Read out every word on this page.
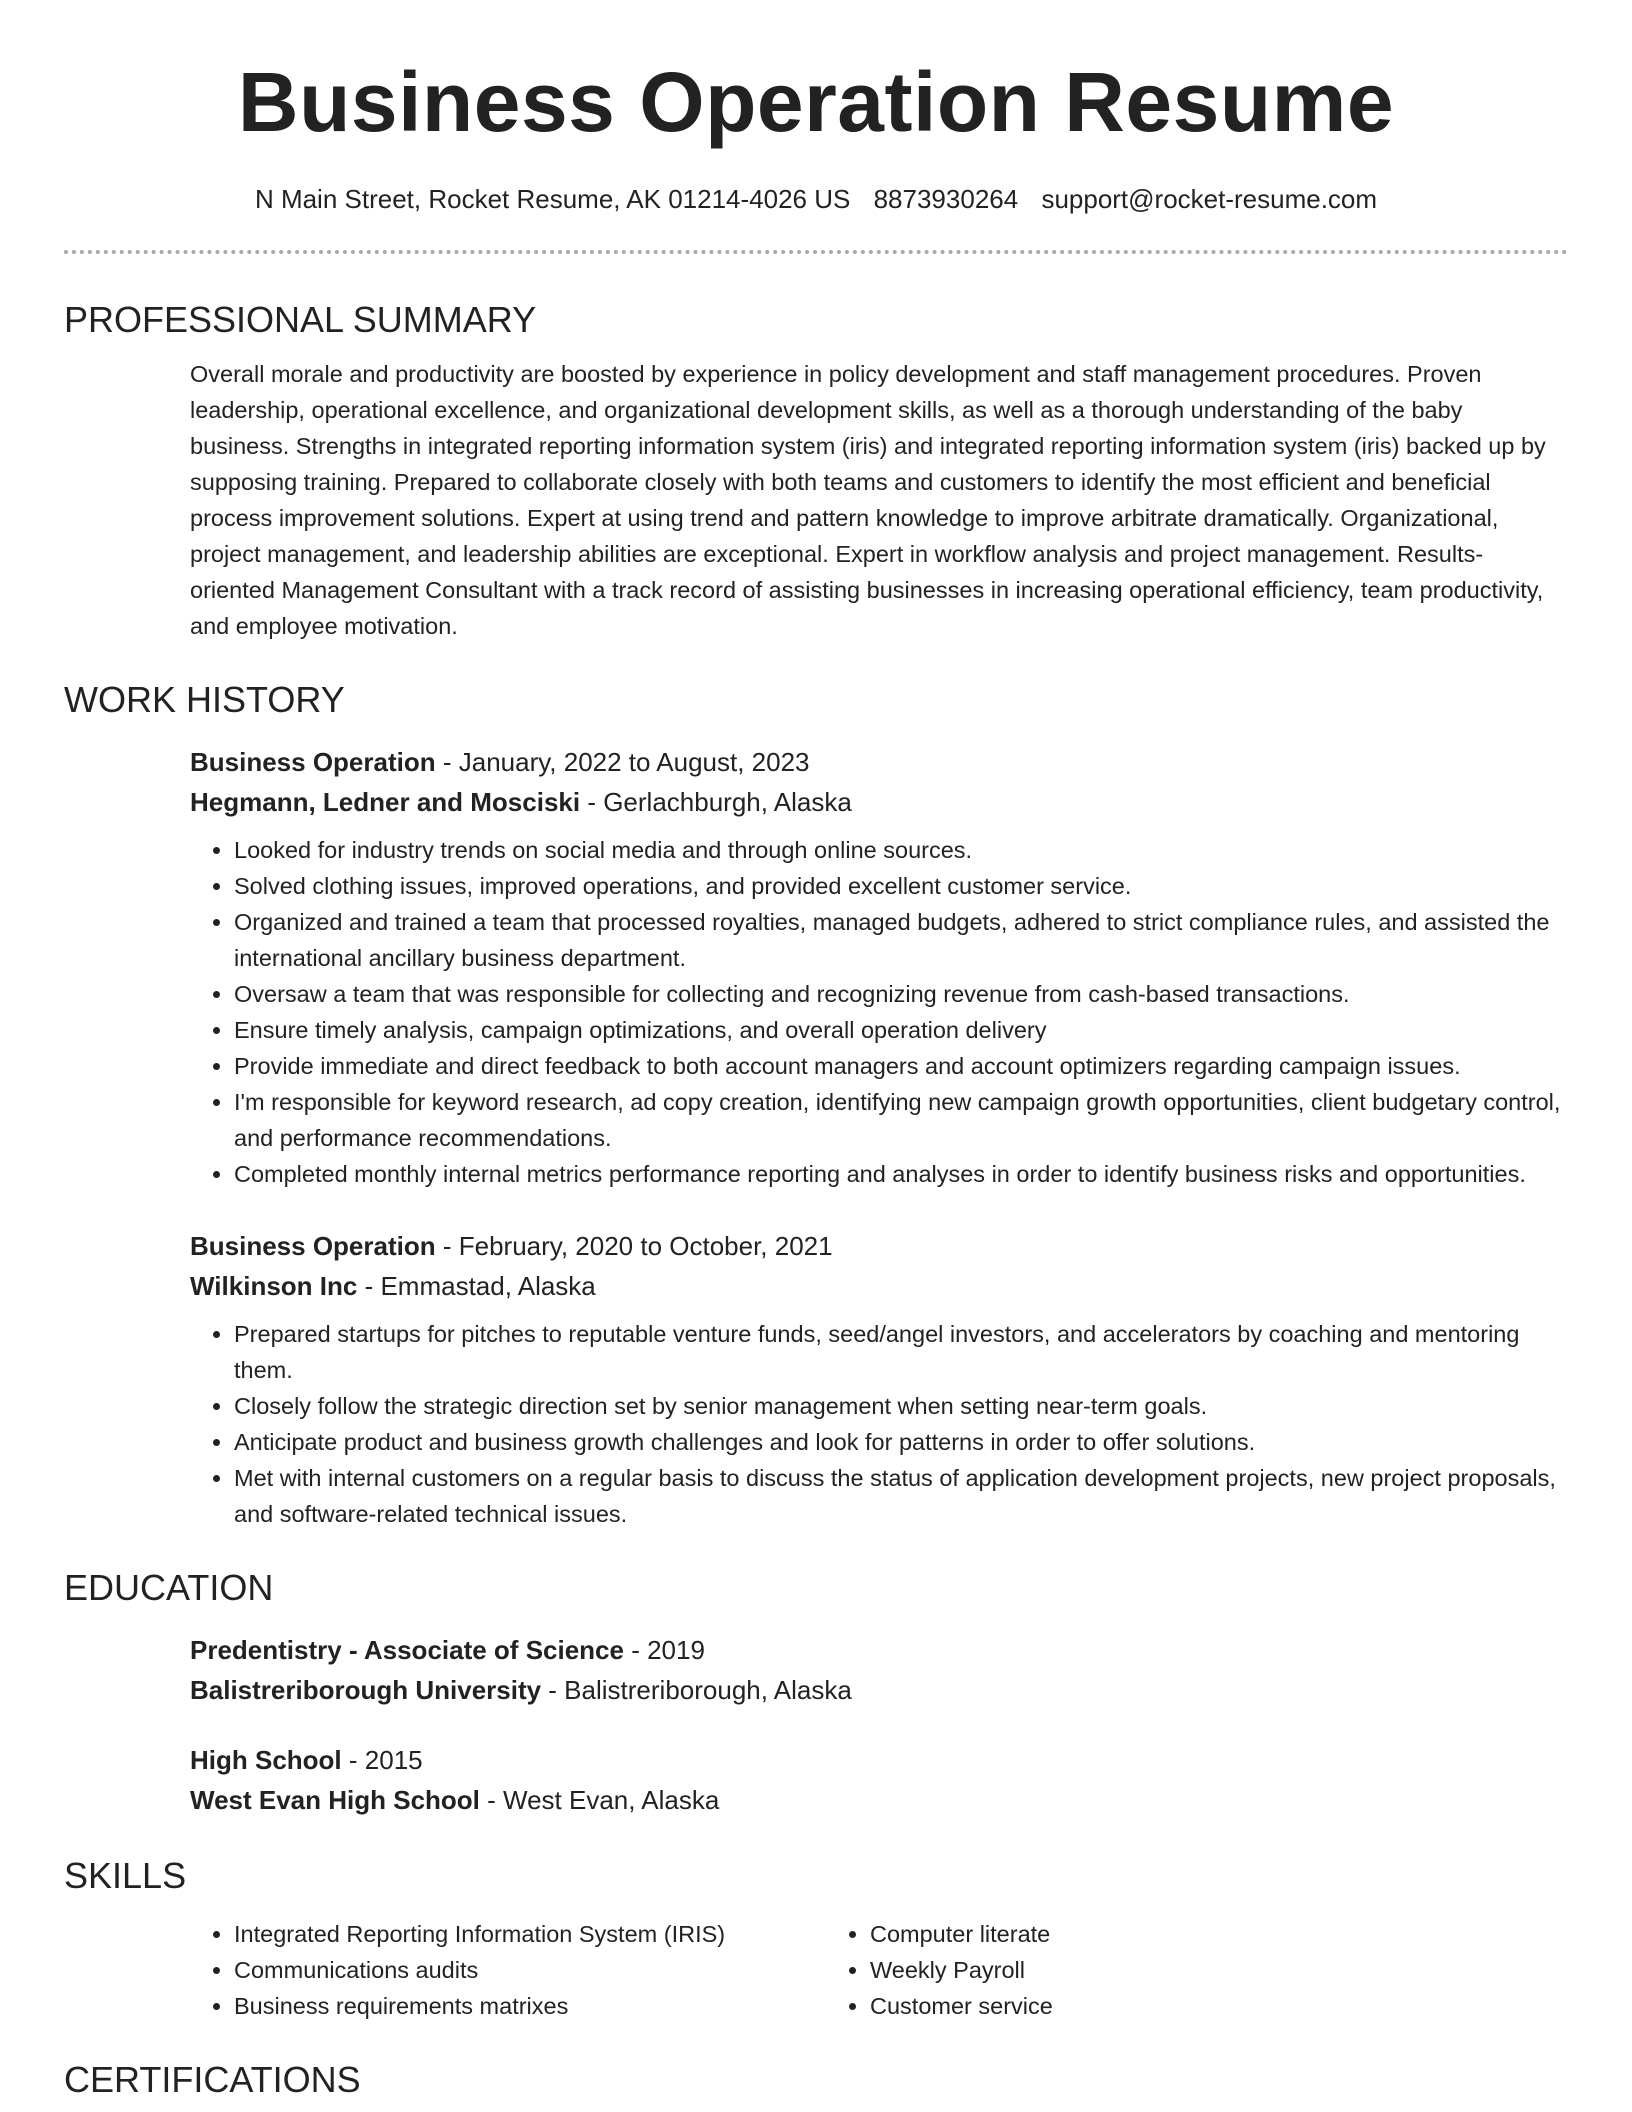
Business Operation Resume
N Main Street, Rocket Resume, AK 01214-4026 US 8873930264 support@rocket-resume.com
PROFESSIONAL SUMMARY

Overall morale and productivity are boosted by experience in policy development and staff management procedures. Proven leadership, operational excellence, and organizational development skills, as well as a thorough understanding of the baby business. Strengths in integrated reporting information system (iris) and integrated reporting information system (iris) backed up by supposing training. Prepared to collaborate closely with both teams and customers to identify the most efficient and beneficial process improvement solutions. Expert at using trend and pattern knowledge to improve arbitrate dramatically. Organizational, project management, and leadership abilities are exceptional. Expert in workflow analysis and project management. Results-oriented Management Consultant with a track record of assisting businesses in increasing operational efficiency, team productivity, and employee motivation.

WORK HISTORY

Business Operation - January, 2022 to August, 2023

Hegmann, Ledner and Mosciski - Gerlachburgh, Alaska

• Looked for industry trends on social media and through online sources.
• Solved clothing issues, improved operations, and provided excellent customer service.
• Organized and trained a team that processed royalties, managed budgets, adhered to strict compliance rules, and assisted the international ancillary business department.
• Oversaw a team that was responsible for collecting and recognizing revenue from cash-based transactions.
• Ensure timely analysis, campaign optimizations, and overall operation delivery
• Provide immediate and direct feedback to both account managers and account optimizers regarding campaign issues.
• I'm responsible for keyword research, ad copy creation, identifying new campaign growth opportunities, client budgetary control, and performance recommendations.
• Completed monthly internal metrics performance reporting and analyses in order to identify business risks and opportunities.

Business Operation - February, 2020 to October, 2021

Wilkinson Inc - Emmastad, Alaska

• Prepared startups for pitches to reputable venture funds, seed/angel investors, and accelerators by coaching and mentoring them.
• Closely follow the strategic direction set by senior management when setting near-term goals.
• Anticipate product and business growth challenges and look for patterns in order to offer solutions.
• Met with internal customers on a regular basis to discuss the status of application development projects, new project proposals, and software-related technical issues.
EDUCATION

Predentistry - Associate of Science - 2019

Balistreriborough University - Balistreriborough, Alaska

High School - 2015

West Evan High School - West Evan, Alaska

SKILLS
• Integrated Reporting Information System (IRIS)
• Communications audits
• Business requirements matrixes
• Computer literate
• Weekly Payroll
• Customer service
CERTIFICATIONS
